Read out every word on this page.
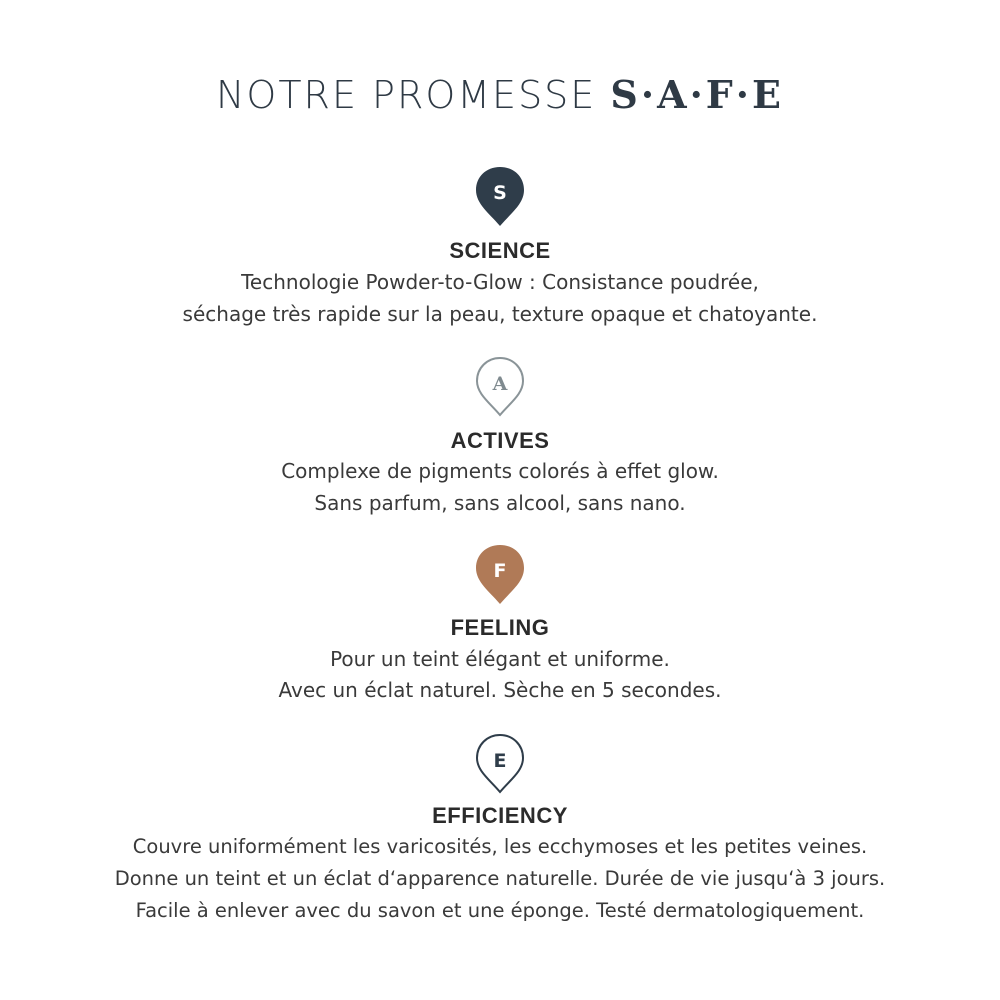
NOTRE PROMESSE S·A·F·E
S
SCIENCE
Technologie Powder-to-Glow : Consistance poudrée,
séchage très rapide sur la peau, texture opaque et chatoyante.
A
ACTIVES
Complexe de pigments colorés à effet glow.
Sans parfum, sans alcool, sans nano.
F
FEELING
Pour un teint élégant et uniforme.
Avec un éclat naturel. Sèche en 5 secondes.
E
EFFICIENCY
Couvre uniformément les varicosités, les ecchymoses et les petites veines.
Donne un teint et un éclat d‘apparence naturelle. Durée de vie jusqu‘à 3 jours.
Facile à enlever avec du savon et une éponge. Testé dermatologiquement.
